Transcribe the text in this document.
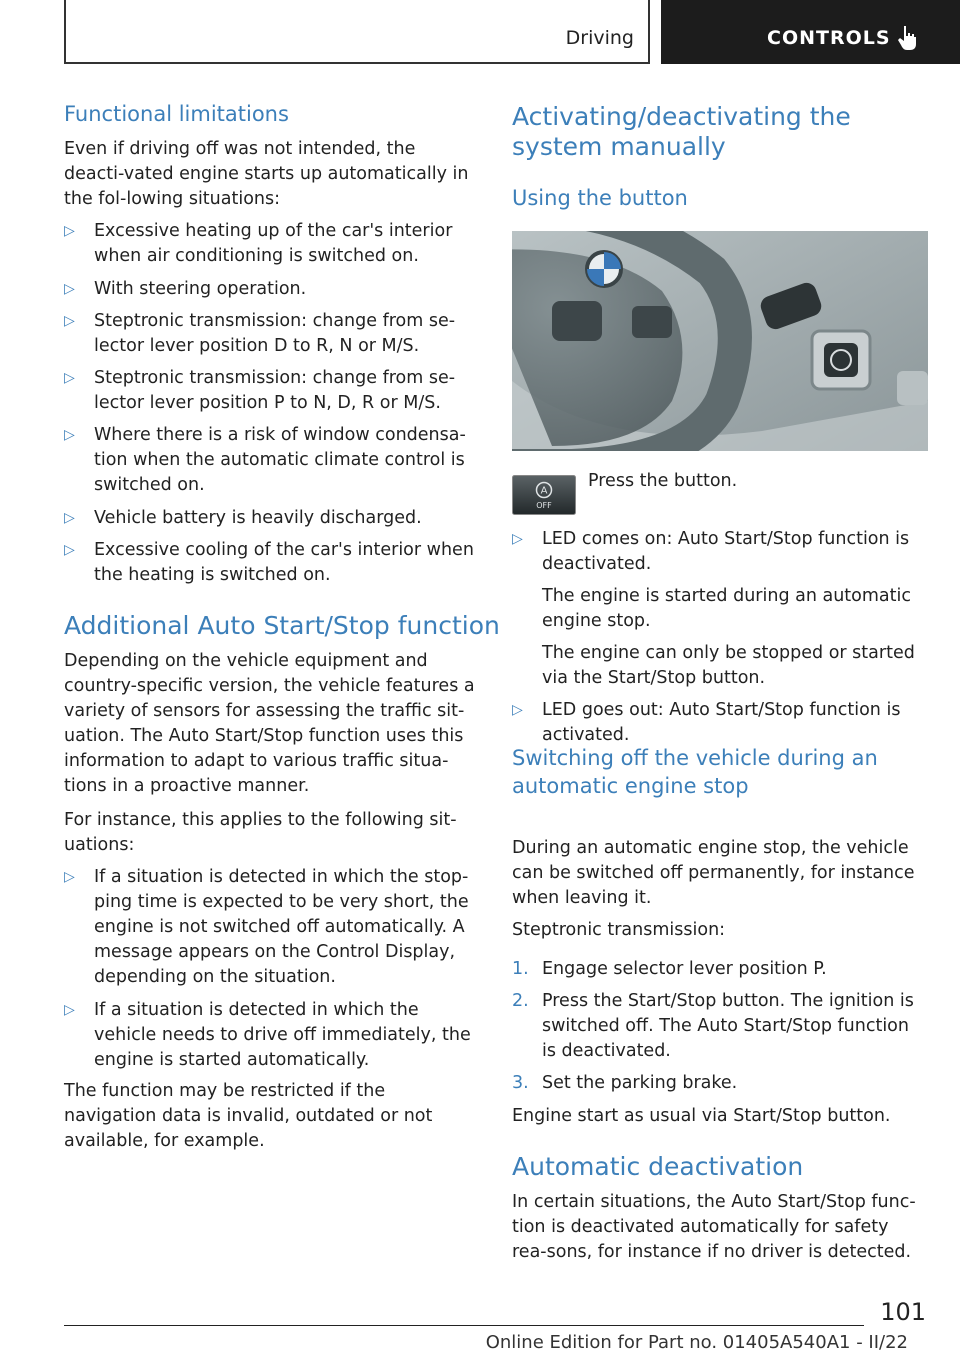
Driving	CONTROLS
Functional limitations

Even if driving off was not intended, the deacti‐vated engine starts up automatically in the fol‐lowing situations:

▷ Excessive heating up of the car's interior when air conditioning is switched on.
▷ With steering operation.
▷ Steptronic transmission: change from se‐lector lever position D to R, N or M/S.
▷ Steptronic transmission: change from se‐lector lever position P to N, D, R or M/S.
▷ Where there is a risk of window condensa‐tion when the automatic climate control is switched on.
▷ Vehicle battery is heavily discharged.
▷ Excessive cooling of the car's interior when the heating is switched on.
Additional Auto Start/Stop function

Depending on the vehicle equipment and country-specific version, the vehicle features a variety of sensors for assessing the traffic sit‐uation. The Auto Start/Stop function uses this information to adapt to various traffic situa‐tions in a proactive manner.

For instance, this applies to the following sit‐uations:

▷ If a situation is detected in which the stop‐ping time is expected to be very short, the engine is not switched off automatically. A message appears on the Control Display, depending on the situation.
▷ If a situation is detected in which the vehicle needs to drive off immediately, the engine is started automatically.

The function may be restricted if the navigation data is invalid, outdated or not available, for example.

Activating/deactivating the system manually
Using the button

Press the button.

▷ LED comes on: Auto Start/Stop function is deactivated.
The engine is started during an automatic engine stop.
The engine can only be stopped or started via the Start/Stop button.
▷ LED goes out: Auto Start/Stop function is activated.
Switching off the vehicle during an automatic engine stop

During an automatic engine stop, the vehicle can be switched off permanently, for instance when leaving it.

Steptronic transmission:

1. Engage selector lever position P.
2. Press the Start/Stop button. The ignition is switched off. The Auto Start/Stop function is deactivated.
3. Set the parking brake.

Engine start as usual via Start/Stop button.

Automatic deactivation

In certain situations, the Auto Start/Stop func‐tion is deactivated automatically for safety rea‐sons, for instance if no driver is detected.

A
OFF
101
Online Edition for Part no. 01405A540A1 - II/22
